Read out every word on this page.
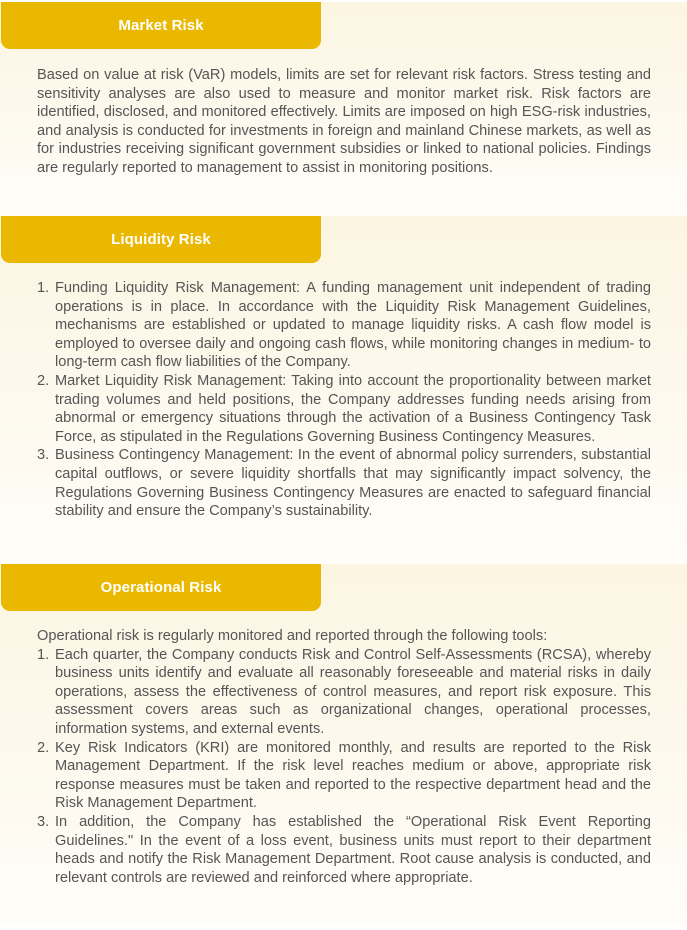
Market Risk

Based on value at risk (VaR) models, limits are set for relevant risk factors. Stress testing and sensitivity analyses are also used to measure and monitor market risk. Risk factors are identified, disclosed, and monitored effectively. Limits are imposed on high ESG-risk industries, and analysis is conducted for investments in foreign and mainland Chinese markets, as well as for industries receiving significant government subsidies or linked to national policies. Findings are regularly reported to management to assist in monitoring positions.

Liquidity Risk
1. Funding Liquidity Risk Management: A funding management unit independent of trading operations is in place. In accordance with the Liquidity Risk Management Guidelines, mechanisms are established or updated to manage liquidity risks. A cash flow model is employed to oversee daily and ongoing cash flows, while monitoring changes in medium- to long-term cash flow liabilities of the Company.
2. Market Liquidity Risk Management: Taking into account the proportionality between market trading volumes and held positions, the Company addresses funding needs arising from abnormal or emergency situations through the activation of a Business Contingency Task Force, as stipulated in the Regulations Governing Business Contingency Measures.
3. Business Contingency Management: In the event of abnormal policy surrenders, substantial capital outflows, or severe liquidity shortfalls that may significantly impact solvency, the Regulations Governing Business Contingency Measures are enacted to safeguard financial stability and ensure the Company’s sustainability.
Operational Risk

Operational risk is regularly monitored and reported through the following tools:

1. Each quarter, the Company conducts Risk and Control Self-Assessments (RCSA), whereby business units identify and evaluate all reasonably foreseeable and material risks in daily operations, assess the effectiveness of control measures, and report risk exposure. This assessment covers areas such as organizational changes, operational processes, information systems, and external events.
2. Key Risk Indicators (KRI) are monitored monthly, and results are reported to the Risk Management Department. If the risk level reaches medium or above, appropriate risk response measures must be taken and reported to the respective department head and the Risk Management Department.
3. In addition, the Company has established the “Operational Risk Event Reporting Guidelines." In the event of a loss event, business units must report to their department heads and notify the Risk Management Department. Root cause analysis is conducted, and relevant controls are reviewed and reinforced where appropriate.
